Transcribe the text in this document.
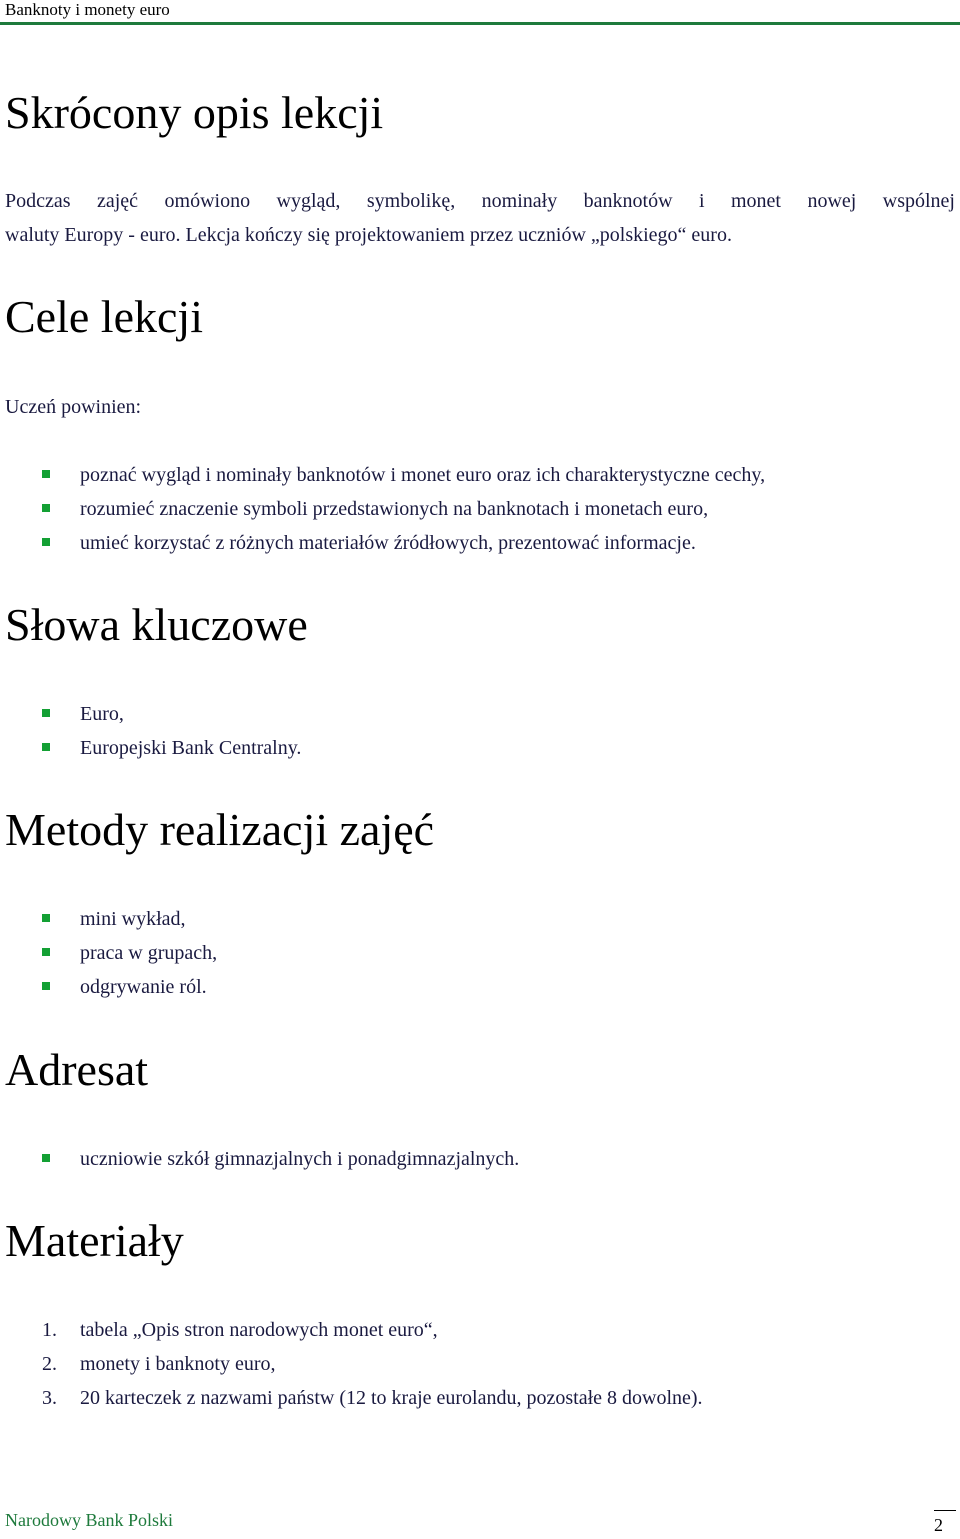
Banknoty i monety euro
Skrócony opis lekcji
Podczas zajęć omówiono wygląd, symbolikę, nominały banknotów i monet nowej wspólnej
waluty Europy - euro. Lekcja kończy się projektowaniem przez uczniów „polskiego“ euro.
Cele lekcji
Uczeń powinien:
poznać wygląd i nominały banknotów i monet euro oraz ich charakterystyczne cechy,
rozumieć znaczenie symboli przedstawionych na banknotach i monetach euro,
umieć korzystać z różnych materiałów źródłowych, prezentować informacje.
Słowa kluczowe
Euro,
Europejski Bank Centralny.
Metody realizacji zajęć
mini wykład,
praca w grupach,
odgrywanie ról.
Adresat
uczniowie szkół gimnazjalnych i ponadgimnazjalnych.
Materiały
1. tabela „Opis stron narodowych monet euro“,
2. monety i banknoty euro,
3. 20 karteczek z nazwami państw (12 to kraje eurolandu, pozostałe 8 dowolne).
Narodowy Bank Polski	2
